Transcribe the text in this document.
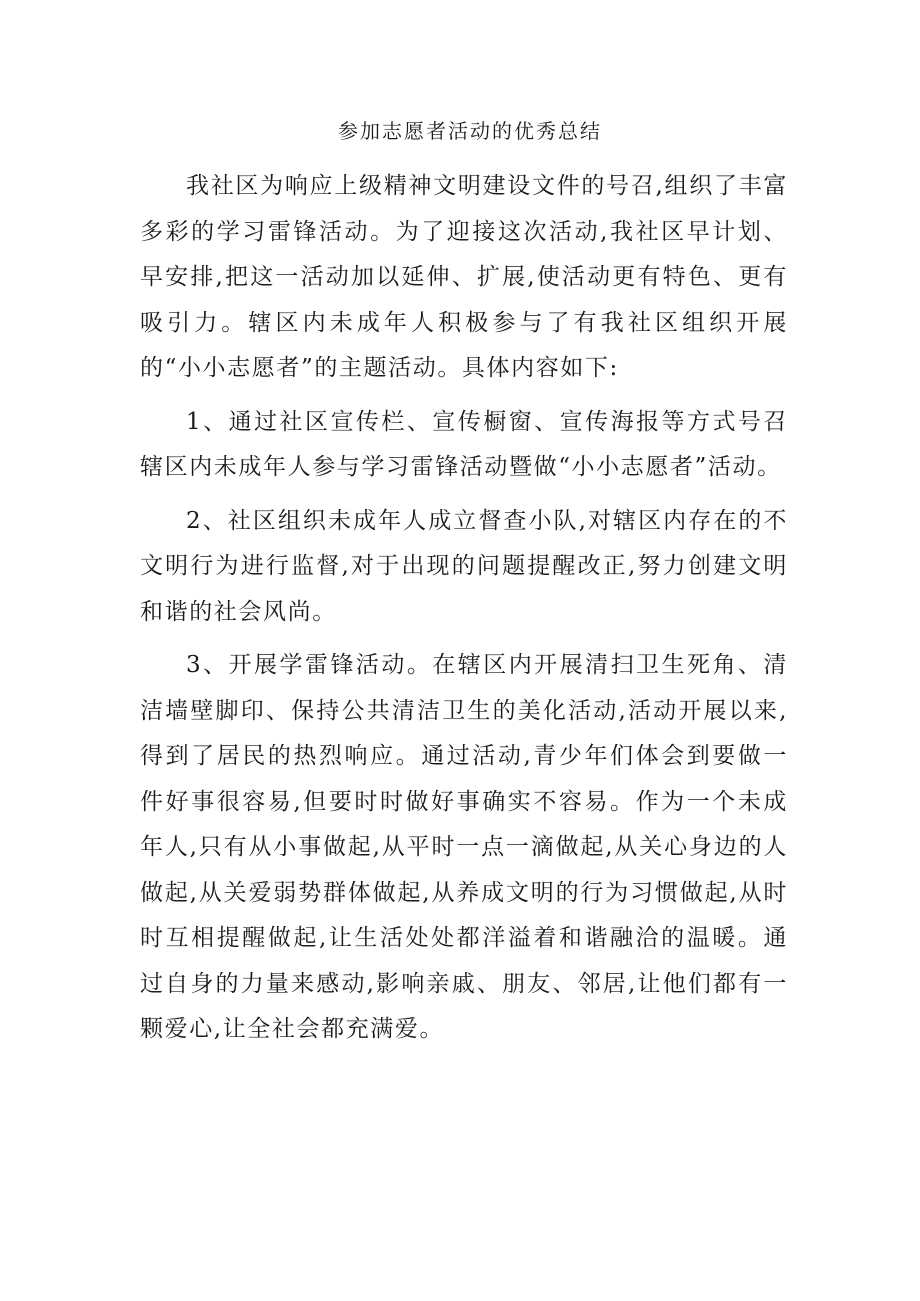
参加志愿者活动的优秀总结

我社区为响应上级精神文明建设文件的号召,组织了丰富多彩的学习雷锋活动。为了迎接这次活动,我社区早计划、早安排,把这一活动加以延伸、扩展,使活动更有特色、更有吸引力。辖区内未成年人积极参与了有我社区组织开展的“小小志愿者”的主题活动。具体内容如下:

1、通过社区宣传栏、宣传橱窗、宣传海报等方式号召辖区内未成年人参与学习雷锋活动暨做“小小志愿者”活动。

2、社区组织未成年人成立督查小队,对辖区内存在的不文明行为进行监督,对于出现的问题提醒改正,努力创建文明和谐的社会风尚。

3、开展学雷锋活动。在辖区内开展清扫卫生死角、清洁墙壁脚印、保持公共清洁卫生的美化活动,活动开展以来,得到了居民的热烈响应。通过活动,青少年们体会到要做一件好事很容易,但要时时做好事确实不容易。作为一个未成年人,只有从小事做起,从平时一点一滴做起,从关心身边的人做起,从关爱弱势群体做起,从养成文明的行为习惯做起,从时时互相提醒做起,让生活处处都洋溢着和谐融洽的温暖。通过自身的力量来感动,影响亲戚、朋友、邻居,让他们都有一颗爱心,让全社会都充满爱。
